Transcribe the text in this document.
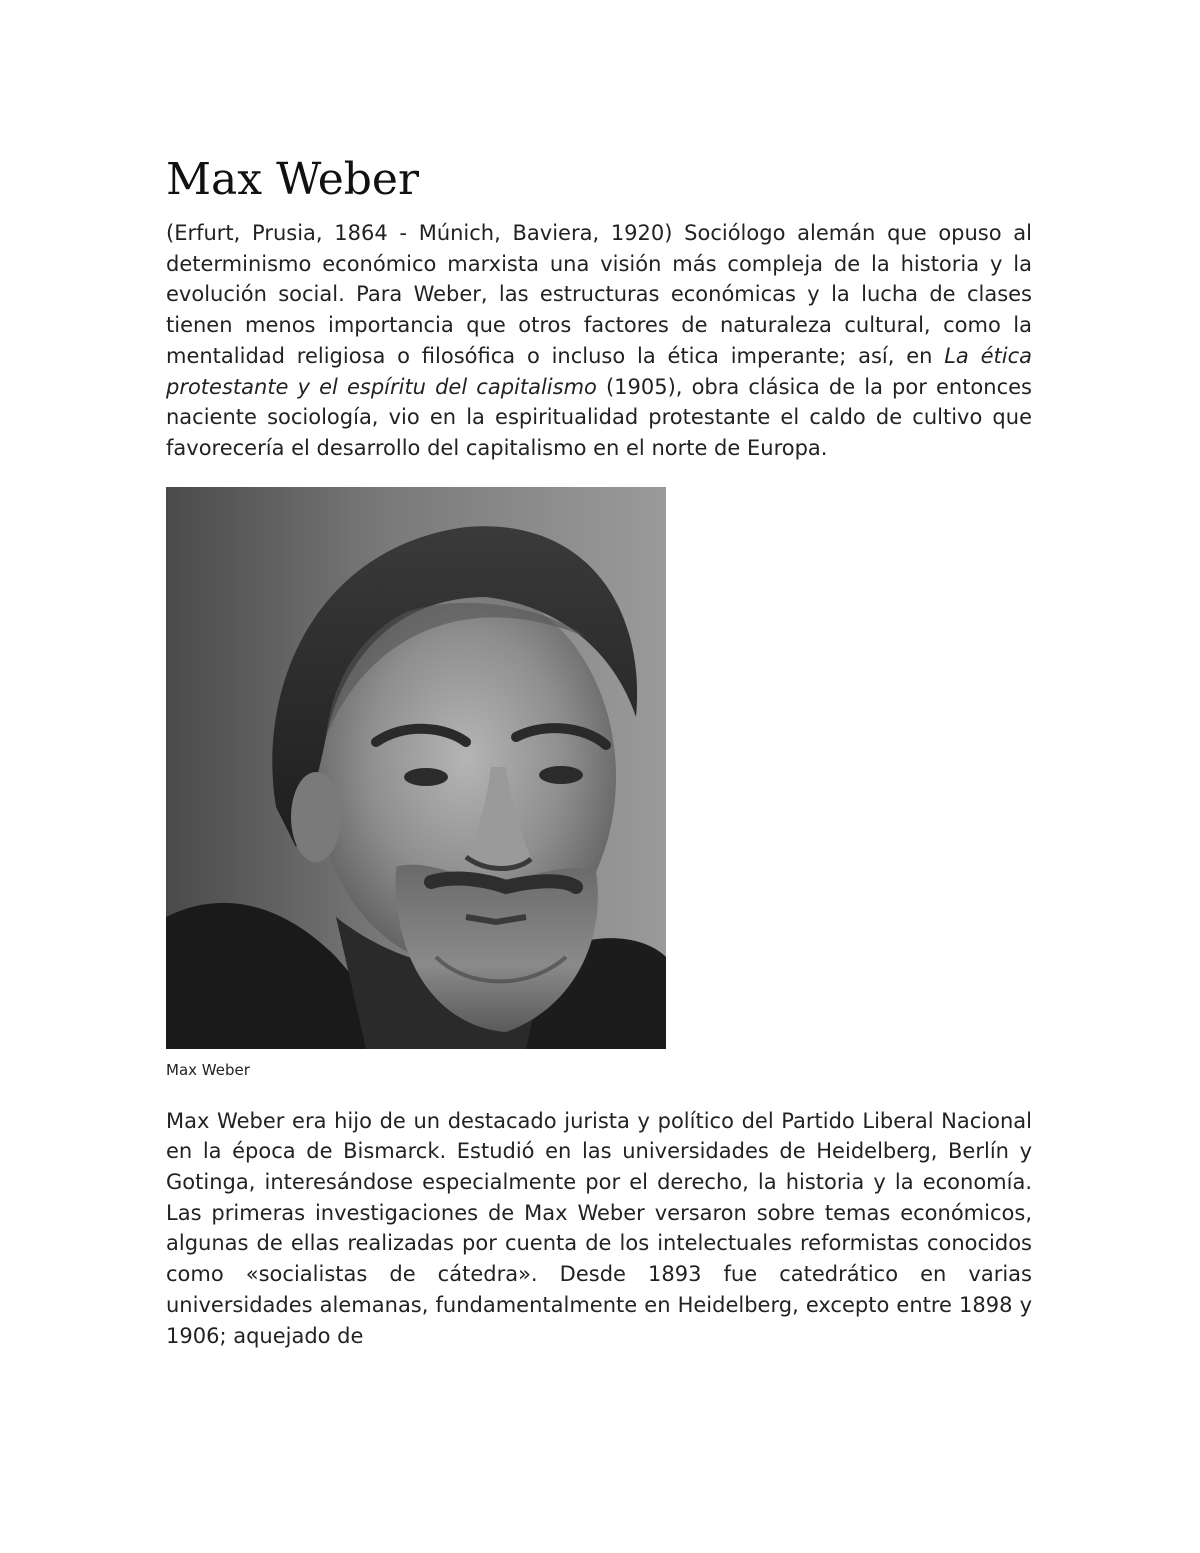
Max Weber

(Erfurt, Prusia, 1864 - Múnich, Baviera, 1920) Sociólogo alemán que opuso al determinismo económico marxista una visión más compleja de la historia y la evolución social. Para Weber, las estructuras económicas y la lucha de clases tienen menos importancia que otros factores de naturaleza cultural, como la mentalidad religiosa o filosófica o incluso la ética imperante; así, en La ética protestante y el espíritu del capitalismo (1905), obra clásica de la por entonces naciente sociología, vio en la espiritualidad protestante el caldo de cultivo que favorecería el desarrollo del capitalismo en el norte de Europa.

Max Weber

Max Weber era hijo de un destacado jurista y político del Partido Liberal Nacional en la época de Bismarck. Estudió en las universidades de Heidelberg, Berlín y Gotinga, interesándose especialmente por el derecho, la historia y la economía. Las primeras investigaciones de Max Weber versaron sobre temas económicos, algunas de ellas realizadas por cuenta de los intelectuales reformistas conocidos como «socialistas de cátedra». Desde 1893 fue catedrático en varias universidades alemanas, fundamentalmente en Heidelberg, excepto entre 1898 y 1906; aquejado de
